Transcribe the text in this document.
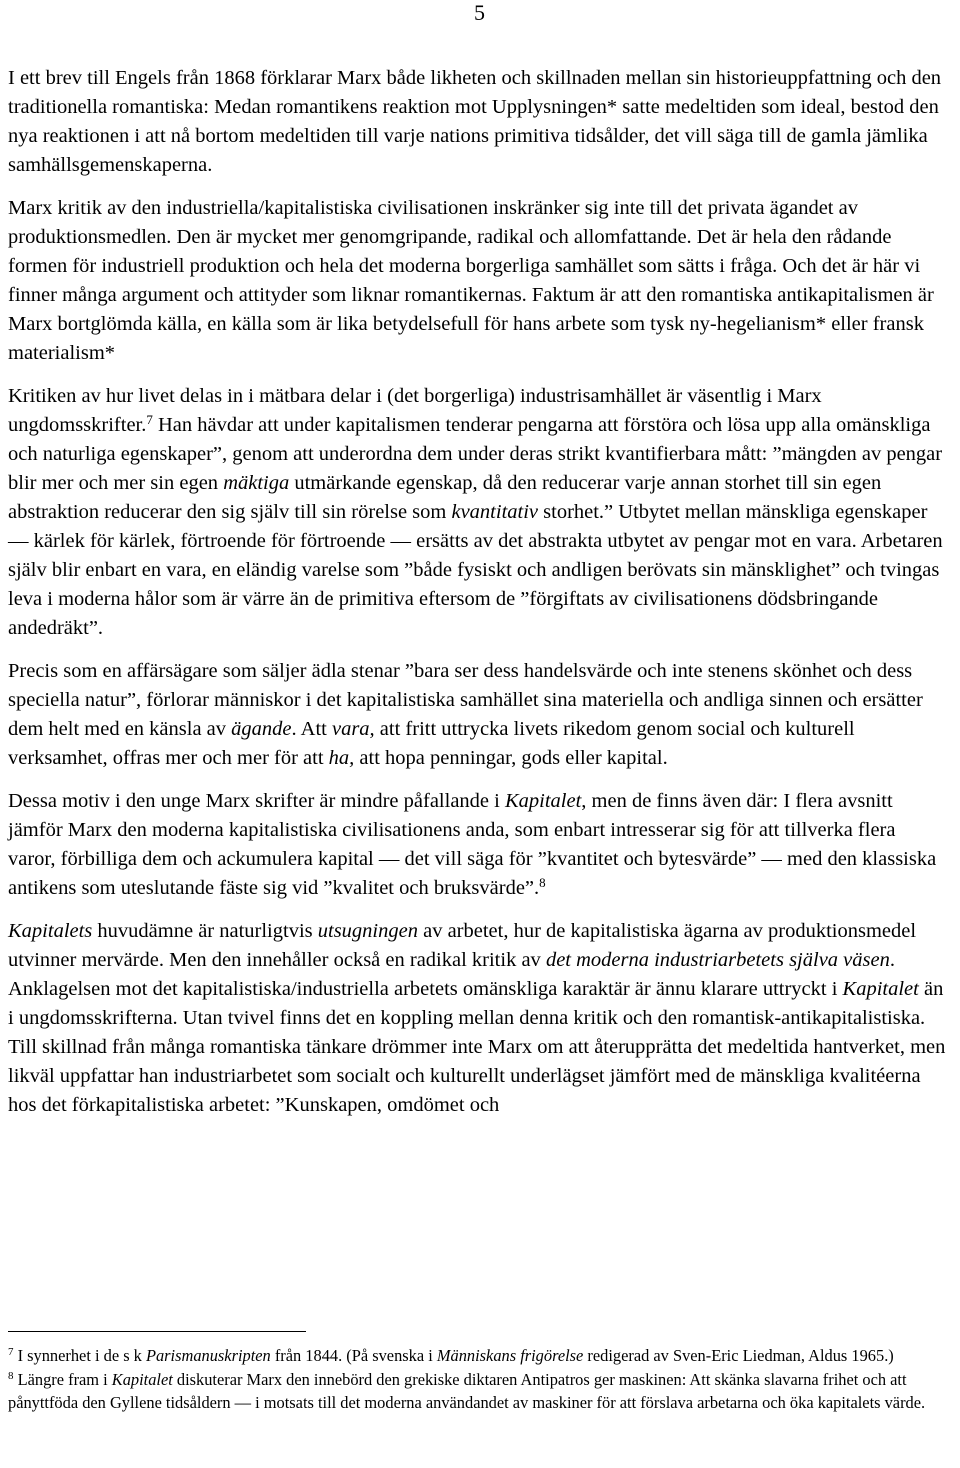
5

I ett brev till Engels från 1868 förklarar Marx både likheten och skillnaden mellan sin historieuppfattning och den traditionella romantiska: Medan romantikens reaktion mot Upplysningen* satte medeltiden som ideal, bestod den nya reaktionen i att nå bortom medeltiden till varje nations primitiva tidsålder, det vill säga till de gamla jämlika samhällsgemenskaperna.

Marx kritik av den industriella/kapitalistiska civilisationen inskränker sig inte till det privata ägandet av produktionsmedlen. Den är mycket mer genomgripande, radikal och allomfattande. Det är hela den rådande formen för industriell produktion och hela det moderna borgerliga samhället som sätts i fråga. Och det är här vi finner många argument och attityder som liknar romantikernas. Faktum är att den romantiska antikapitalismen är Marx bortglömda källa, en källa som är lika betydelsefull för hans arbete som tysk ny-hegelianism* eller fransk materialism*

Kritiken av hur livet delas in i mätbara delar i (det borgerliga) industrisamhället är väsentlig i Marx ungdomsskrifter.$^7$ Han hävdar att under kapitalismen tenderar pengarna att förstöra och lösa upp alla omänskliga och naturliga egenskaper”, genom att underordna dem under deras strikt kvantifierbara mått: ”mängden av pengar blir mer och mer sin egen mäktiga utmärkande egenskap, då den reducerar varje annan storhet till sin egen abstraktion reducerar den sig själv till sin rörelse som kvantitativ storhet.” Utbytet mellan mänskliga egenskaper — kärlek för kärlek, förtroende för förtroende — ersätts av det abstrakta utbytet av pengar mot en vara. Arbetaren själv blir enbart en vara, en eländig varelse som ”både fysiskt och andligen berövats sin mänsklighet” och tvingas leva i moderna hålor som är värre än de primitiva eftersom de ”förgiftats av civilisationens dödsbringande andedräkt”.

Precis som en affärsägare som säljer ädla stenar ”bara ser dess handelsvärde och inte stenens skönhet och dess speciella natur”, förlorar människor i det kapitalistiska samhället sina materiella och andliga sinnen och ersätter dem helt med en känsla av ägande. Att vara, att fritt uttrycka livets rikedom genom social och kulturell verksamhet, offras mer och mer för att ha, att hopa penningar, gods eller kapital.

Dessa motiv i den unge Marx skrifter är mindre påfallande i Kapitalet, men de finns även där: I flera avsnitt jämför Marx den moderna kapitalistiska civilisationens anda, som enbart intresserar sig för att tillverka flera varor, förbilliga dem och ackumulera kapital — det vill säga för ”kvantitet och bytesvärde” — med den klassiska antikens som uteslutande fäste sig vid ”kvalitet och bruksvärde”.$^8$

Kapitalets huvudämne är naturligtvis utsugningen av arbetet, hur de kapitalistiska ägarna av produktionsmedel utvinner mervärde. Men den innehåller också en radikal kritik av det moderna industriarbetets själva väsen. Anklagelsen mot det kapitalistiska/industriella arbetets omänskliga karaktär är ännu klarare uttryckt i Kapitalet än i ungdomsskrifterna. Utan tvivel finns det en koppling mellan denna kritik och den romantisk-antikapitalistiska. Till skillnad från många romantiska tänkare drömmer inte Marx om att återupprätta det medeltida hantverket, men likväl uppfattar han industriarbetet som socialt och kulturellt underlägset jämfört med de mänskliga kvalitéerna hos det förkapitalistiska arbetet: ”Kunskapen, omdömet och

$^7$ I synnerhet i de s k Parismanuskripten från 1844. (På svenska i Människans frigörelse redigerad av Sven-Eric Liedman, Aldus 1965.)

$^8$ Längre fram i Kapitalet diskuterar Marx den innebörd den grekiske diktaren Antipatros ger maskinen: Att skänka slavarna frihet och att pånyttföda den Gyllene tidsåldern — i motsats till det moderna användandet av maskiner för att förslava arbetarna och öka kapitalets värde.
